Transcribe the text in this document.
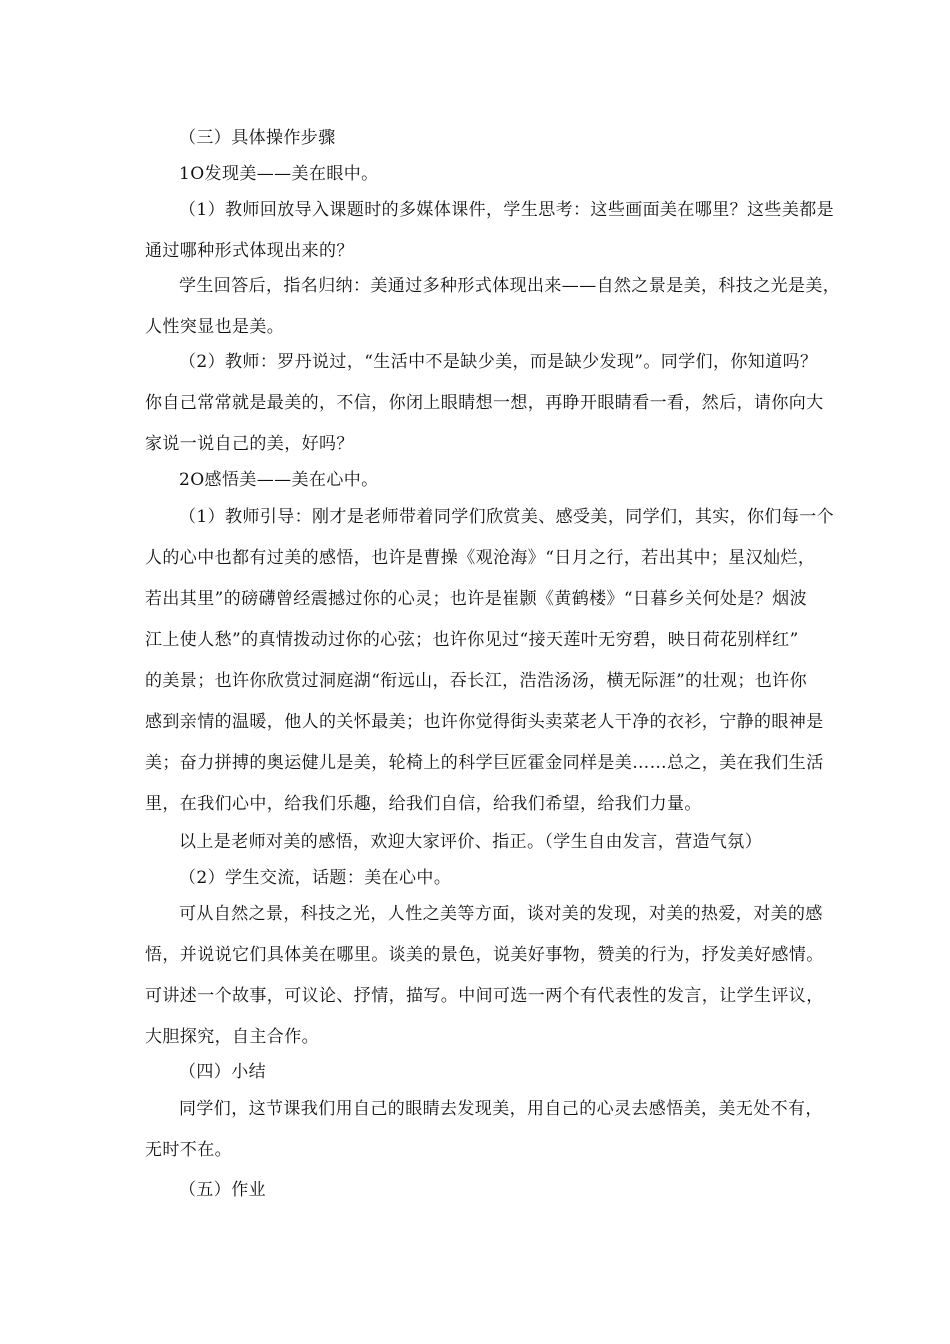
（三）具体操作步骤

1O发现美——美在眼中。

（1）教师回放导入课题时的多媒体课件，学生思考：这些画面美在哪里？这些美都是
通过哪种形式体现出来的？

学生回答后，指名归纳：美通过多种形式体现出来——自然之景是美，科技之光是美，
人性突显也是美。

（2）教师：罗丹说过，“生活中不是缺少美，而是缺少发现”。同学们，你知道吗？
你自己常常就是最美的，不信，你闭上眼睛想一想，再睁开眼睛看一看，然后，请你向大
家说一说自己的美，好吗？

2O感悟美——美在心中。

（1）教师引导：刚才是老师带着同学们欣赏美、感受美，同学们，其实，你们每一个
人的心中也都有过美的感悟，也许是曹操《观沧海》“日月之行，若出其中；星汉灿烂，
若出其里”的磅礴曾经震撼过你的心灵；也许是崔颢《黄鹤楼》“日暮乡关何处是？烟波
江上使人愁”的真情拨动过你的心弦；也许你见过“接天莲叶无穷碧，映日荷花别样红”
的美景；也许你欣赏过洞庭湖“衔远山，吞长江，浩浩汤汤，横无际涯”的壮观；也许你
感到亲情的温暖，他人的关怀最美；也许你觉得街头卖菜老人干净的衣衫，宁静的眼神是
美；奋力拼搏的奥运健儿是美，轮椅上的科学巨匠霍金同样是美……总之，美在我们生活
里，在我们心中，给我们乐趣，给我们自信，给我们希望，给我们力量。

以上是老师对美的感悟，欢迎大家评价、指正。（学生自由发言，营造气氛）

（2）学生交流，话题：美在心中。

可从自然之景，科技之光，人性之美等方面，谈对美的发现，对美的热爱，对美的感
悟，并说说它们具体美在哪里。谈美的景色，说美好事物，赞美的行为，抒发美好感情。
可讲述一个故事，可议论、抒情，描写。中间可选一两个有代表性的发言，让学生评议，
大胆探究，自主合作。

（四）小结

同学们，这节课我们用自己的眼睛去发现美，用自己的心灵去感悟美，美无处不有，
无时不在。

（五）作业
